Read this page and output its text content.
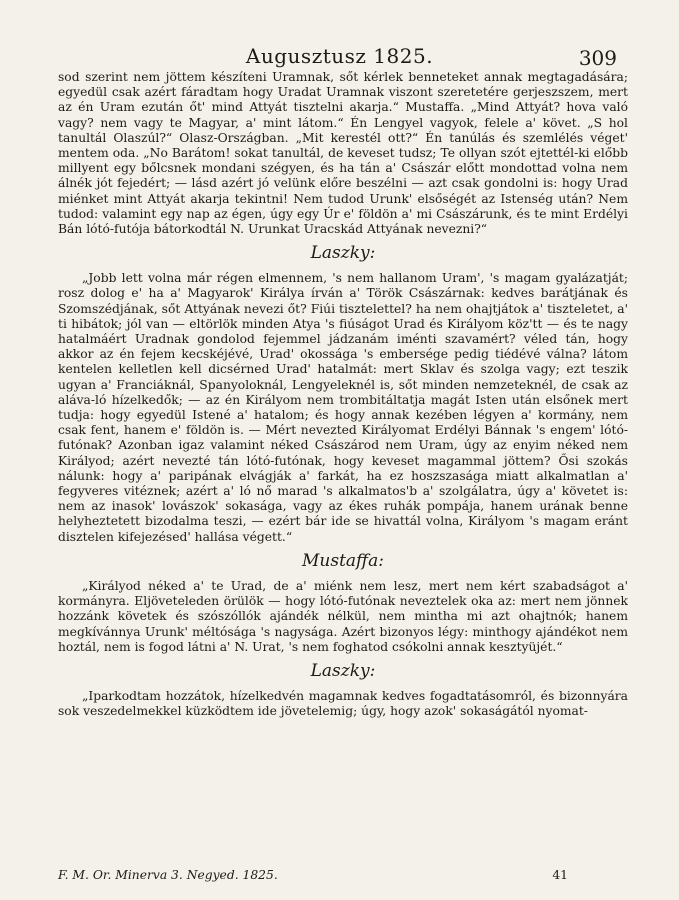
Augusztusz 1825.	309

sod szerint nem jöttem készíteni Uramnak, sőt kérlek benneteket annak megtagadására; egyedül csak azért fáradtam hogy Uradat Uramnak viszont szeretetére gerjeszszem, mert az én Uram ezután őt' mind Attyát tisztelni akarja.“ Mustaffa. „Mind Attyát? hova való vagy? nem vagy te Magyar, a' mint látom.“ Én Lengyel vagyok, felele a' követ. „S hol tanultál Olaszúl?“ Olasz-Országban. „Mit kerestél ott?“ Én tanúlás és szemlélés véget' mentem oda. „No Barátom! sokat tanultál, de keveset tudsz; Te ollyan szót ejtettél-ki előbb millyent egy bőlcsnek mondani szégyen, és ha tán a' Császár előtt mondottad volna nem álnék jót fejedért; — lásd azért jó velünk előre beszélni — azt csak gondolni is: hogy Urad miénket mint Attyát akarja tekintni! Nem tudod Urunk' elsőségét az Istenség után? Nem tudod: valamint egy nap az égen, úgy egy Úr e' földön a' mi Császárunk, és te mint Erdélyi Bán lótó-futója bátorkodtál N. Urunkat Uracskád Attyának nevezni?“

Laszky:

„Jobb lett volna már régen elmennem, 's nem hallanom Uram', 's magam gyalázatját; rosz dolog e' ha a' Magyarok' Királya írván a' Török Császárnak: kedves barátjának és Szomszédjának, sőt Attyának nevezi őt? Fiúi tisztelettel? ha nem ohajtjátok a' tiszteletet, a' ti hibátok; jól van — eltörlök minden Atya 's fiúságot Urad és Királyom köz'tt — és te nagy hatalmáért Uradnak gondolod fejemmel jádzanám iménti szavamért? véled tán, hogy akkor az én fejem kecskéjévé, Urad' okossága 's embersége pedig tiédévé válna? látom kentelen kelletlen kell dicsérned Urad' hatalmát: mert Sklav és szolga vagy; ezt teszik ugyan a' Franciáknál, Spanyoloknál, Lengyeleknél is, sőt minden nemzeteknél, de csak az aláva-ló hízelkedők; — az én Királyom nem trombitáltatja magát Isten után elsőnek mert tudja: hogy egyedül Istené a' hatalom; és hogy annak kezében légyen a' kormány, nem csak fent, hanem e' földön is. — Mért nevezted Királyomat Erdélyi Bánnak 's engem' lótó-futónak? Azonban igaz valamint néked Császárod nem Uram, úgy az enyim néked nem Királyod; azért nevezté tán lótó-futónak, hogy keveset magammal jöttem? Ősi szokás nálunk: hogy a' paripának elvágják a' farkát, ha ez hoszszasága miatt alkalmatlan a' fegyveres vitéznek; azért a' ló nő marad 's alkalmatos'b a' szolgálatra, úgy a' követet is: nem az inasok' lovászok' sokasága, vagy az ékes ruhák pompája, hanem urának benne helyheztetett bizodalma teszi, — ezért bár ide se hivattál volna, Királyom 's magam eránt disztelen kifejezésed' hallása végett.“

Mustaffa:

„Királyod néked a' te Urad, de a' miénk nem lesz, mert nem kért szabadságot a' kormányra. Eljöveteleden örülök — hogy lótó-futónak neveztelek oka az: mert nem jönnek hozzánk követek és szószóllók ajándék nélkül, nem mintha mi azt ohajtnók; hanem megkívánnya Urunk' méltósága 's nagysága. Azért bizonyos légy: minthogy ajándékot nem hoztál, nem is fogod látni a' N. Urat, 's nem foghatod csókolni annak kesztyüjét.“

Laszky:

„Iparkodtam hozzátok, hízelkedvén magamnak kedves fogadtatásomról, és bizonnyára sok veszedelmekkel küzködtem ide jövetelemig; úgy, hogy azok' sokaságától nyomat-

F. M. Or. Minerva 3. Negyed. 1825.	41
